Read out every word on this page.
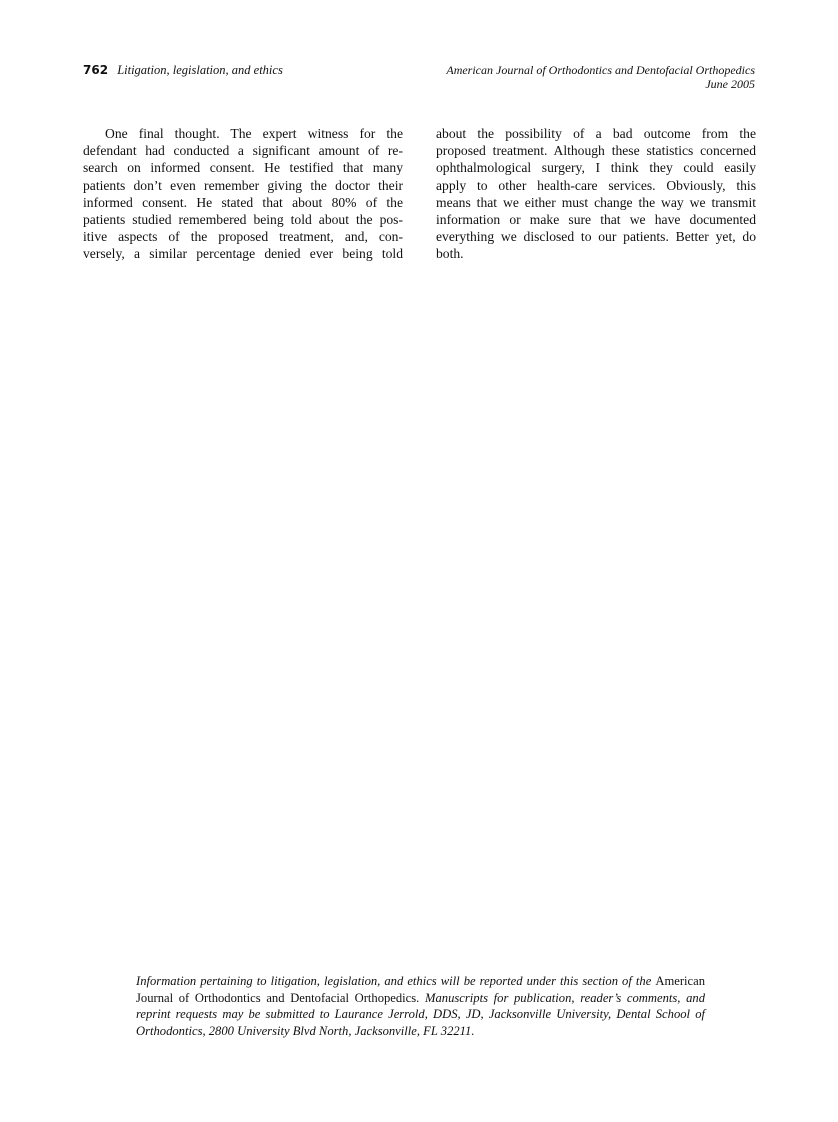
762 Litigation, legislation, and ethics	American Journal of Orthodontics and Dentofacial Orthopedics
June 2005
One final thought. The expert witness for the
defendant had conducted a significant amount of re-
search on informed consent. He testified that many
patients don’t even remember giving the doctor their
informed consent. He stated that about 80% of the
patients studied remembered being told about the pos-
itive aspects of the proposed treatment, and, con-
versely, a similar percentage denied ever being told
about the possibility of a bad outcome from the
proposed treatment. Although these statistics concerned
ophthalmological surgery, I think they could easily
apply to other health-care services. Obviously, this
means that we either must change the way we transmit
information or make sure that we have documented
everything we disclosed to our patients. Better yet, do
both.
Information pertaining to litigation, legislation, and ethics will be reported under this section of the American
Journal of Orthodontics and Dentofacial Orthopedics. Manuscripts for publication, reader’s comments, and
reprint requests may be submitted to Laurance Jerrold, DDS, JD, Jacksonville University, Dental School of
Orthodontics, 2800 University Blvd North, Jacksonville, FL 32211.
